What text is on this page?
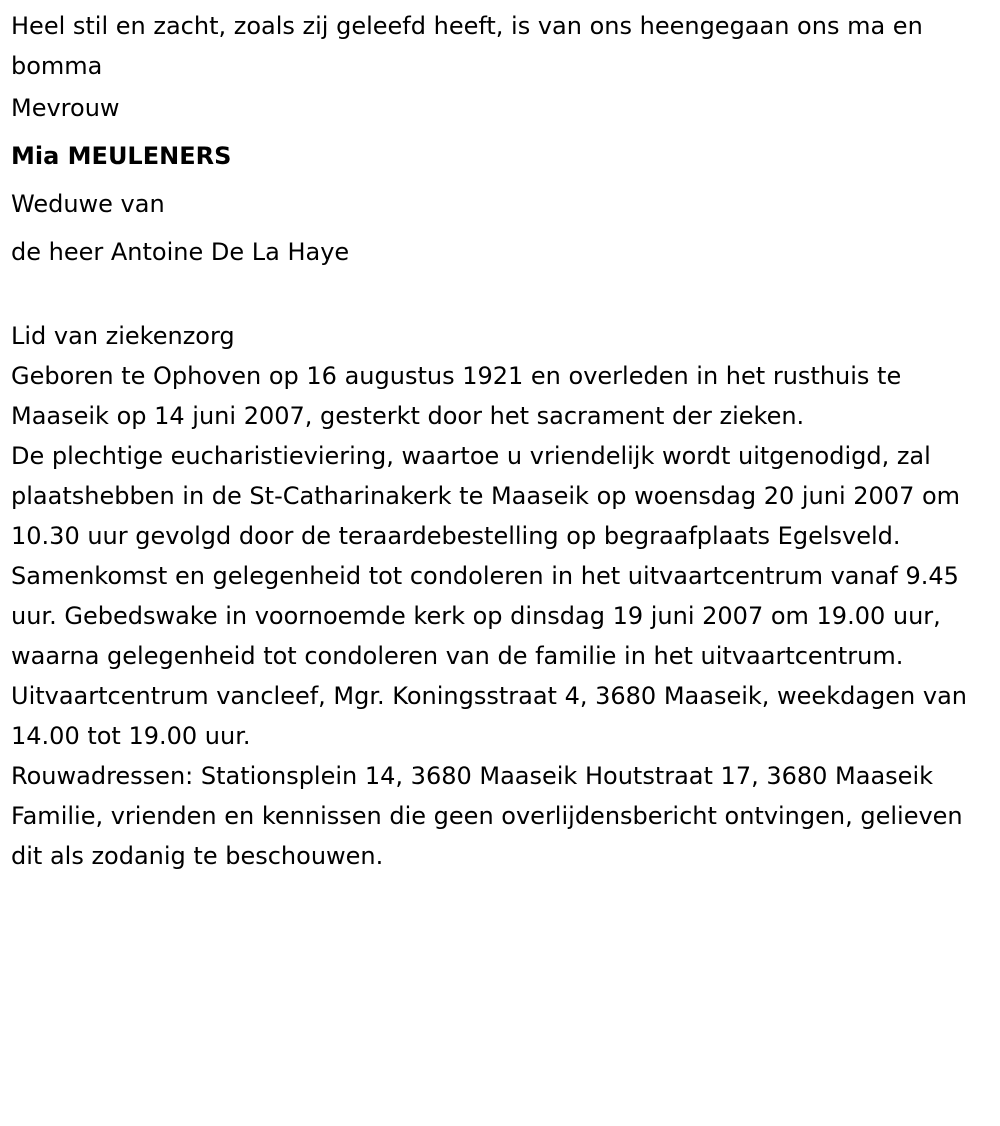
Heel stil en zacht, zoals zij geleefd heeft, is van ons heengegaan ons ma en bomma

Mevrouw
Mia MEULENERS
Weduwe van
de heer Antoine De La Haye

Lid van ziekenzorg

Geboren te Ophoven op 16 augustus 1921 en overleden in het rusthuis te Maaseik op 14 juni 2007, gesterkt door het sacrament der zieken.

De plechtige eucharistieviering, waartoe u vriendelijk wordt uitgenodigd, zal plaatshebben in de St-Catharinakerk te Maaseik op woensdag 20 juni 2007 om 10.30 uur gevolgd door de teraardebestelling op begraafplaats Egelsveld. Samenkomst en gelegenheid tot condoleren in het uitvaartcentrum vanaf 9.45 uur. Gebedswake in voornoemde kerk op dinsdag 19 juni 2007 om 19.00 uur, waarna gelegenheid tot condoleren van de familie in het uitvaartcentrum. Uitvaartcentrum vancleef, Mgr. Koningsstraat 4, 3680 Maaseik, weekdagen van 14.00 tot 19.00 uur.

Rouwadressen: Stationsplein 14, 3680 Maaseik Houtstraat 17, 3680 Maaseik

Familie, vrienden en kennissen die geen overlijdensbericht ontvingen, gelieven dit als zodanig te beschouwen.
